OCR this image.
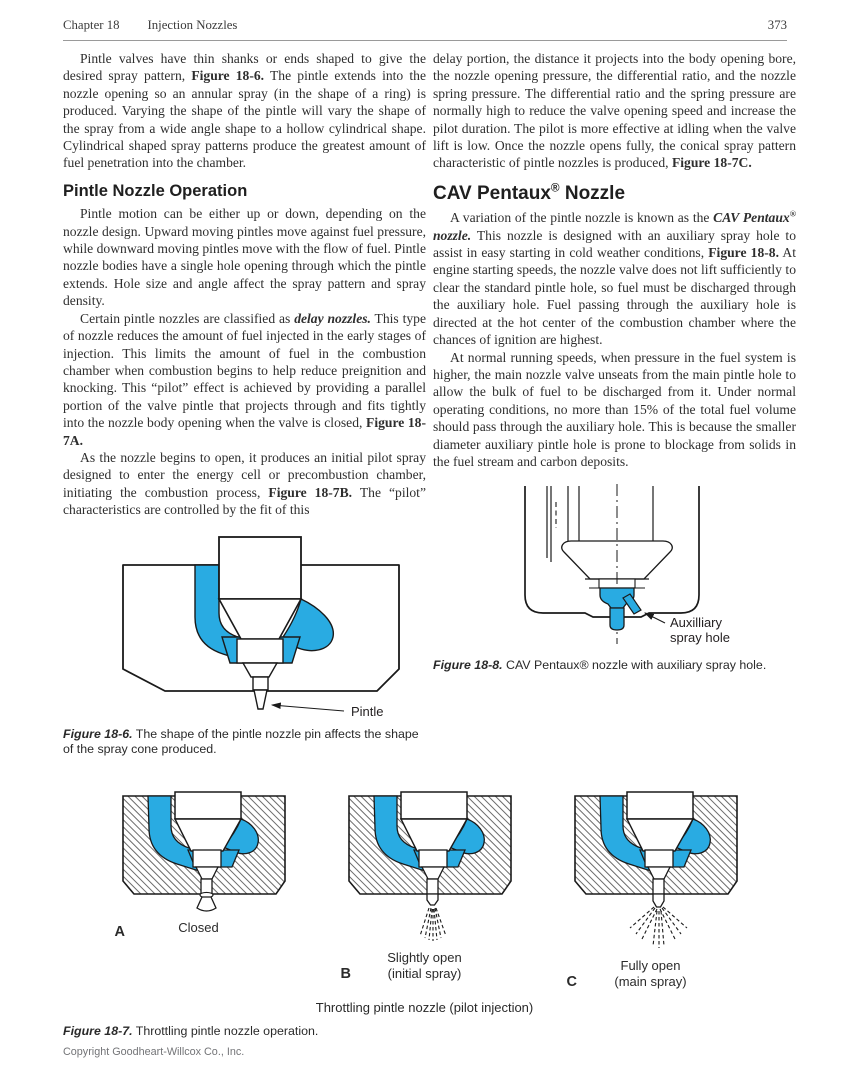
Chapter 18 Injection Nozzles	373

Pintle valves have thin shanks or ends shaped to give the desired spray pattern, Figure 18-6. The pintle extends into the nozzle opening so an annular spray (in the shape of a ring) is produced. Varying the shape of the pintle will vary the shape of the spray from a wide angle shape to a hollow cylindrical shape. Cylindrical shaped spray patterns produce the greatest amount of fuel penetration into the chamber.

Pintle Nozzle Operation

Pintle motion can be either up or down, depending on the nozzle design. Upward moving pintles move against fuel pressure, while downward moving pintles move with the flow of fuel. Pintle nozzle bodies have a single hole opening through which the pintle extends. Hole size and angle affect the spray pattern and spray density.

Certain pintle nozzles are classified as delay nozzles. This type of nozzle reduces the amount of fuel injected in the early stages of injection. This limits the amount of fuel in the combustion chamber when combustion begins to help reduce preignition and knocking. This “pilot” effect is achieved by providing a parallel portion of the valve pintle that projects through and fits tightly into the nozzle body opening when the valve is closed, Figure 18-7A.

As the nozzle begins to open, it produces an initial pilot spray designed to enter the energy cell or precombustion chamber, initiating the combustion process, Figure 18-7B. The “pilot” characteristics are controlled by the fit of this

Pintle
Figure 18-6. The shape of the pintle nozzle pin affects the shape of the spray cone produced.

delay portion, the distance it projects into the body opening bore, the nozzle opening pressure, the differential ratio, and the nozzle spring pressure. The differential ratio and the spring pressure are normally high to reduce the valve opening speed and increase the pilot duration. The pilot is more effective at idling when the valve lift is low. Once the nozzle opens fully, the conical spray pattern characteristic of pintle nozzles is produced, Figure 18-7C.

CAV Pentaux® Nozzle

A variation of the pintle nozzle is known as the CAV Pentaux® nozzle. This nozzle is designed with an auxiliary spray hole to assist in easy starting in cold weather conditions, Figure 18-8. At engine starting speeds, the nozzle valve does not lift sufficiently to clear the standard pintle hole, so fuel must be discharged through the auxiliary hole. Fuel passing through the auxiliary hole is directed at the hot center of the combustion chamber where the chances of ignition are highest.

At normal running speeds, when pressure in the fuel system is higher, the main nozzle valve unseats from the main pintle hole to allow the bulk of fuel to be discharged from it. Under normal operating conditions, no more than 15% of the total fuel volume should pass through the auxiliary hole. This is because the smaller diameter auxiliary pintle hole is prone to blockage from solids in the fuel stream and carbon deposits.

Auxilliary
spray hole
Figure 18-8. CAV Pentaux® nozzle with auxiliary spray hole.
A	Closed
B
Slightly open
(initial spray)
C
Fully open
(main spray)
Throttling pintle nozzle (pilot injection)
Figure 18-7. Throttling pintle nozzle operation.
Copyright Goodheart-Willcox Co., Inc.
